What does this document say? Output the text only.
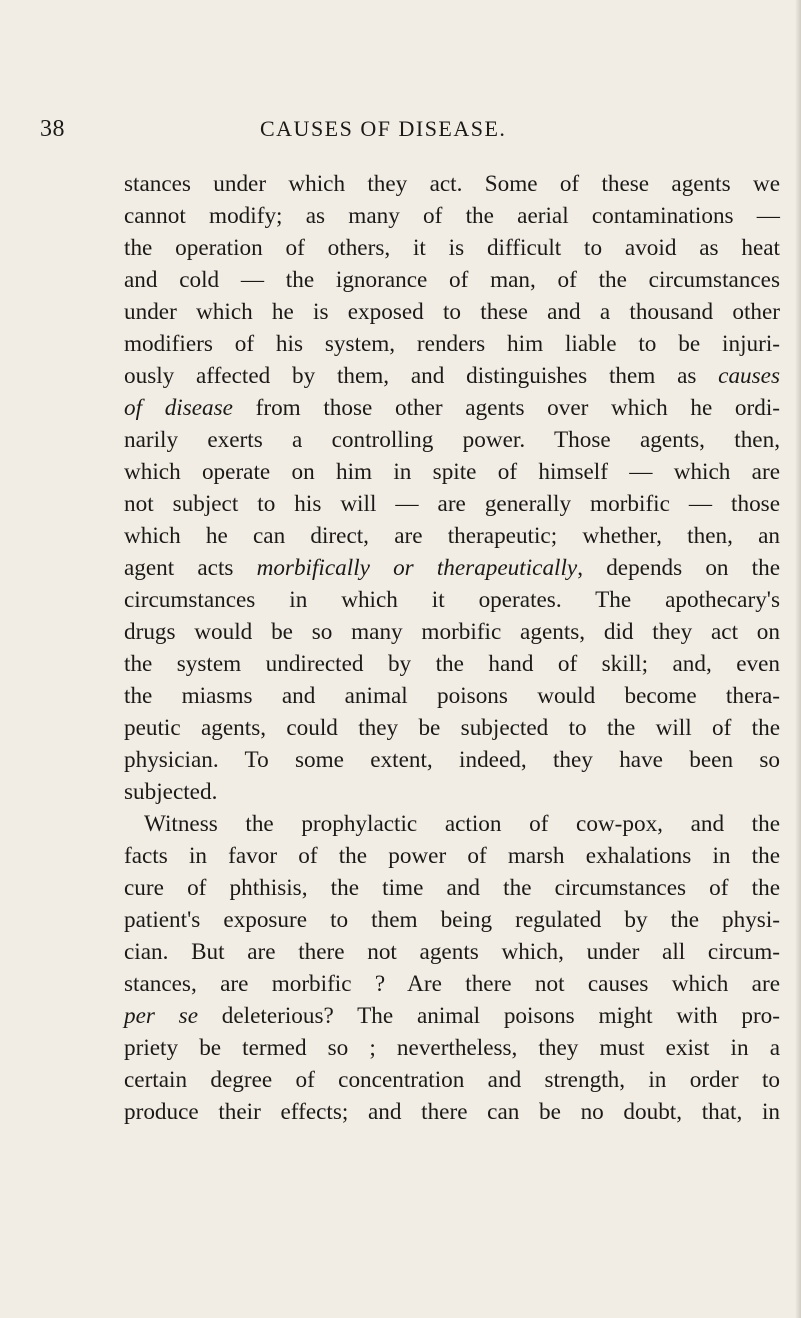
38	CAUSES OF DISEASE.
stances under which they act. Some of these agents we
cannot modify; as many of the aerial contaminations —
the operation of others, it is difficult to avoid as heat
and cold — the ignorance of man, of the circumstances
under which he is exposed to these and a thousand other
modifiers of his system, renders him liable to be injuri-
ously affected by them, and distinguishes them as causes
of disease from those other agents over which he ordi-
narily exerts a controlling power. Those agents, then,
which operate on him in spite of himself — which are
not subject to his will — are generally morbific — those
which he can direct, are therapeutic; whether, then, an
agent acts morbifically or therapeutically, depends on the
circumstances in which it operates. The apothecary's
drugs would be so many morbific agents, did they act on
the system undirected by the hand of skill; and, even
the miasms and animal poisons would become thera-
peutic agents, could they be subjected to the will of the
physician. To some extent, indeed, they have been so
subjected.
Witness the prophylactic action of cow-pox, and the
facts in favor of the power of marsh exhalations in the
cure of phthisis, the time and the circumstances of the
patient's exposure to them being regulated by the physi-
cian. But are there not agents which, under all circum-
stances, are morbific ? Are there not causes which are
per se deleterious? The animal poisons might with pro-
priety be termed so ; nevertheless, they must exist in a
certain degree of concentration and strength, in order to
produce their effects; and there can be no doubt, that, in
